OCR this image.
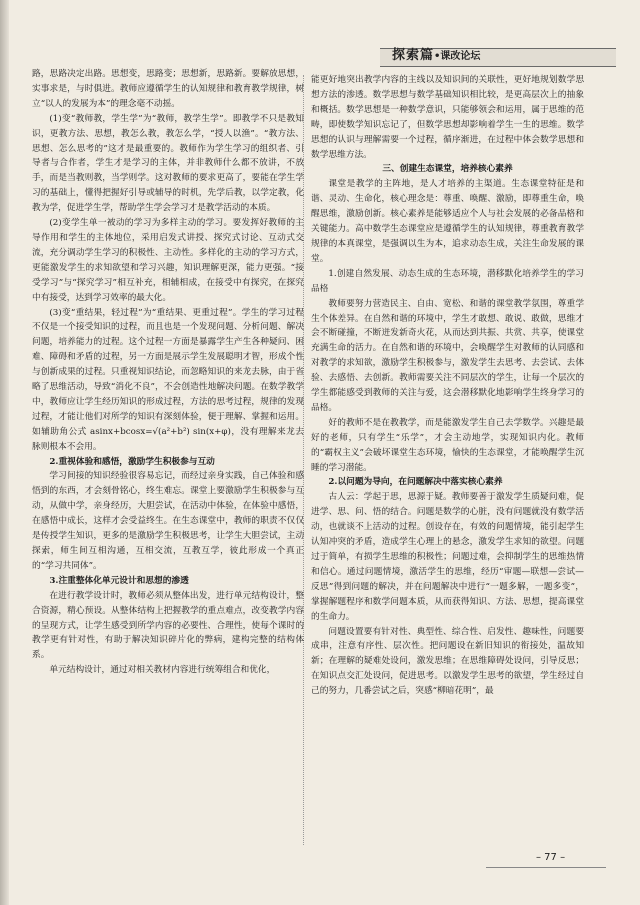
探索篇•课改论坛

路，思路决定出路。思想变，思路变；思想新，思路新。要解放思想，实事求是，与时俱进。教师应遵循学生的认知规律和教育教学规律，树立“以人的发展为本”的理念毫不动摇。

(1)变“教师教，学生学”为“教师，教学生学”。即教学不只是教知识，更教方法、思想，教怎么教，教怎么学，“授人以渔”。“教方法、思想、怎么思考的”这才是最重要的。教师作为学生学习的组织者、引导者与合作者，学生才是学习的主体，并非教师什么都不放讲，不放手，而是当教则教，当学则学。这对教师的要求更高了，要能在学生学习的基础上，懂得把握好引导或辅导的时机，先学后教，以学定教，化教为学，促进学生学，帮助学生学会学习才是教学活动的本质。

(2)变学生单一被动的学习为多样主动的学习。要发挥好教师的主导作用和学生的主体地位，采用启发式讲授、探究式讨论、互动式交流，充分调动学生学习的积极性、主动性。多样化的主动的学习方式，更能激发学生的求知欲望和学习兴趣，知识理解更深，能力更强。“接受学习”与“探究学习”相互补充，相辅相成，在接受中有探究，在探究中有接受，达到学习效率的最大化。

(3)变“重结果，轻过程”为“重结果、更重过程”。学生的学习过程不仅是一个接受知识的过程，而且也是一个发现问题、分析问题、解决问题，培养能力的过程。这个过程一方面是暴露学生产生各种疑问、困难、障碍和矛盾的过程，另一方面是展示学生发展聪明才智，形成个性与创新成果的过程。只重视知识结论，而忽略知识的来龙去脉，由于省略了思维活动，导致“消化不良”，不会创造性地解决问题。在数学教学中，教师应让学生经历知识的形成过程，方法的思考过程，规律的发现过程，才能让他们对所学的知识有深刻体验，便于理解、掌握和运用。如辅助角公式 asinx+bcosx=√(a²+b²) sin(x+φ)，没有理解来龙去脉则根本不会用。

2.重视体验和感悟，激励学生积极参与互动

学习间接的知识经验很容易忘记，而经过亲身实践，自己体验和感悟到的东西，才会刻骨铭心，终生难忘。课堂上要激励学生积极参与互动，从做中学，亲身经历，大胆尝试，在活动中体验，在体验中感悟，在感悟中成长，这样才会受益终生。在生态课堂中，教师的职责不仅仅是传授学生知识，更多的是激励学生积极思考，让学生大胆尝试，主动探索，师生间互相沟通，互相交流，互教互学，彼此形成一个真正的“学习共同体”。

3.注重整体化单元设计和思想的渗透

在进行教学设计时，教师必须从整体出发，进行单元结构设计，整合资源，精心预设。从整体结构上把握教学的重点难点，改变教学内容的呈现方式，让学生感受到所学内容的必要性、合理性，使每个课时的教学更有针对性，有助于解决知识碎片化的弊病，建构完整的结构体系。

单元结构设计，通过对相关教材内容进行统筹组合和优化，

能更好地突出教学内容的主线以及知识间的关联性，更好地规划数学思想方法的渗透。数学思想与数学基础知识相比较，是更高层次上的抽象和概括。数学思想是一种数学意识，只能够领会和运用，属于思维的范畴，即使数学知识忘记了，但数学思想却影响着学生一生的思维。数学思想的认识与理解需要一个过程，循序渐进，在过程中体会数学思想和数学思维方法。

三、创建生态课堂，培养核心素养

课堂是教学的主阵地，是人才培养的主渠道。生态课堂特征是和谐、灵动、生命化，核心理念是：尊重、唤醒、激励，即尊重生命，唤醒思维，激励创新。核心素养是能够适应个人与社会发展的必备品格和关键能力。高中数学生态课堂应是遵循学生的认知规律，尊重教育教学规律的本真课堂，是强调以生为本，追求动态生成，关注生命发展的课堂。

1.创建自然发展、动态生成的生态环境，潜移默化培养学生的学习品格

教师要努力营造民主、自由、宽松、和谐的课堂教学氛围，尊重学生个体差异。在自然和谐的环境中，学生才敢想、敢说、敢做，思维才会不断碰撞，不断迸发新奇火花，从而达到共振、共赏、共享，使课堂充满生命的活力。在自然和谐的环境中，会唤醒学生对教师的认同感和对教学的求知欲，激励学生积极参与，激发学生去思考、去尝试、去体验、去感悟、去创新。教师需要关注不同层次的学生，让每一个层次的学生都能感受到教师的关注与爱，这会潜移默化地影响学生终身学习的品格。

好的教师不是在教教学，而是能激发学生自己去学数学。兴趣是最好的老师，只有学生“乐学”，才会主动地学，实现知识内化。教师的“霸权主义”会破坏课堂生态环境，愉快的生态课堂，才能唤醒学生沉睡的学习潜能。

2.以问题为导向，在问题解决中落实核心素养

古人云：学起于思，思源于疑。教师要善于激发学生质疑问难，促进学、思、问、悟的结合。问题是数学的心脏，没有问题就没有数学活动，也就谈不上活动的过程。创设存在，有效的问题情境，能引起学生认知冲突的矛盾，造成学生心理上的悬念，激发学生求知的欲望。问题过于简单，有损学生思维的积极性；问题过难，会抑制学生的思维热情和信心。通过问题情境，激活学生的思维，经历“审题—联想—尝试—反思”得到问题的解决，并在问题解决中进行“一题多解，一题多变”，掌握解题程序和数学问题本质，从而获得知识、方法、思想，提高课堂的生命力。

问题设置要有针对性、典型性、综合性、启发性、趣味性，问题要成串，注意有序性、层次性。把问题设在新旧知识的衔接处，温故知新；在理解的疑难处设问，激发思维；在思维障碍处设问，引导反思；在知识点交汇处设问，促进思考。以激发学生思考的欲望，学生经过自己的努力，几番尝试之后，突感“柳暗花明”，最

– 77 –
